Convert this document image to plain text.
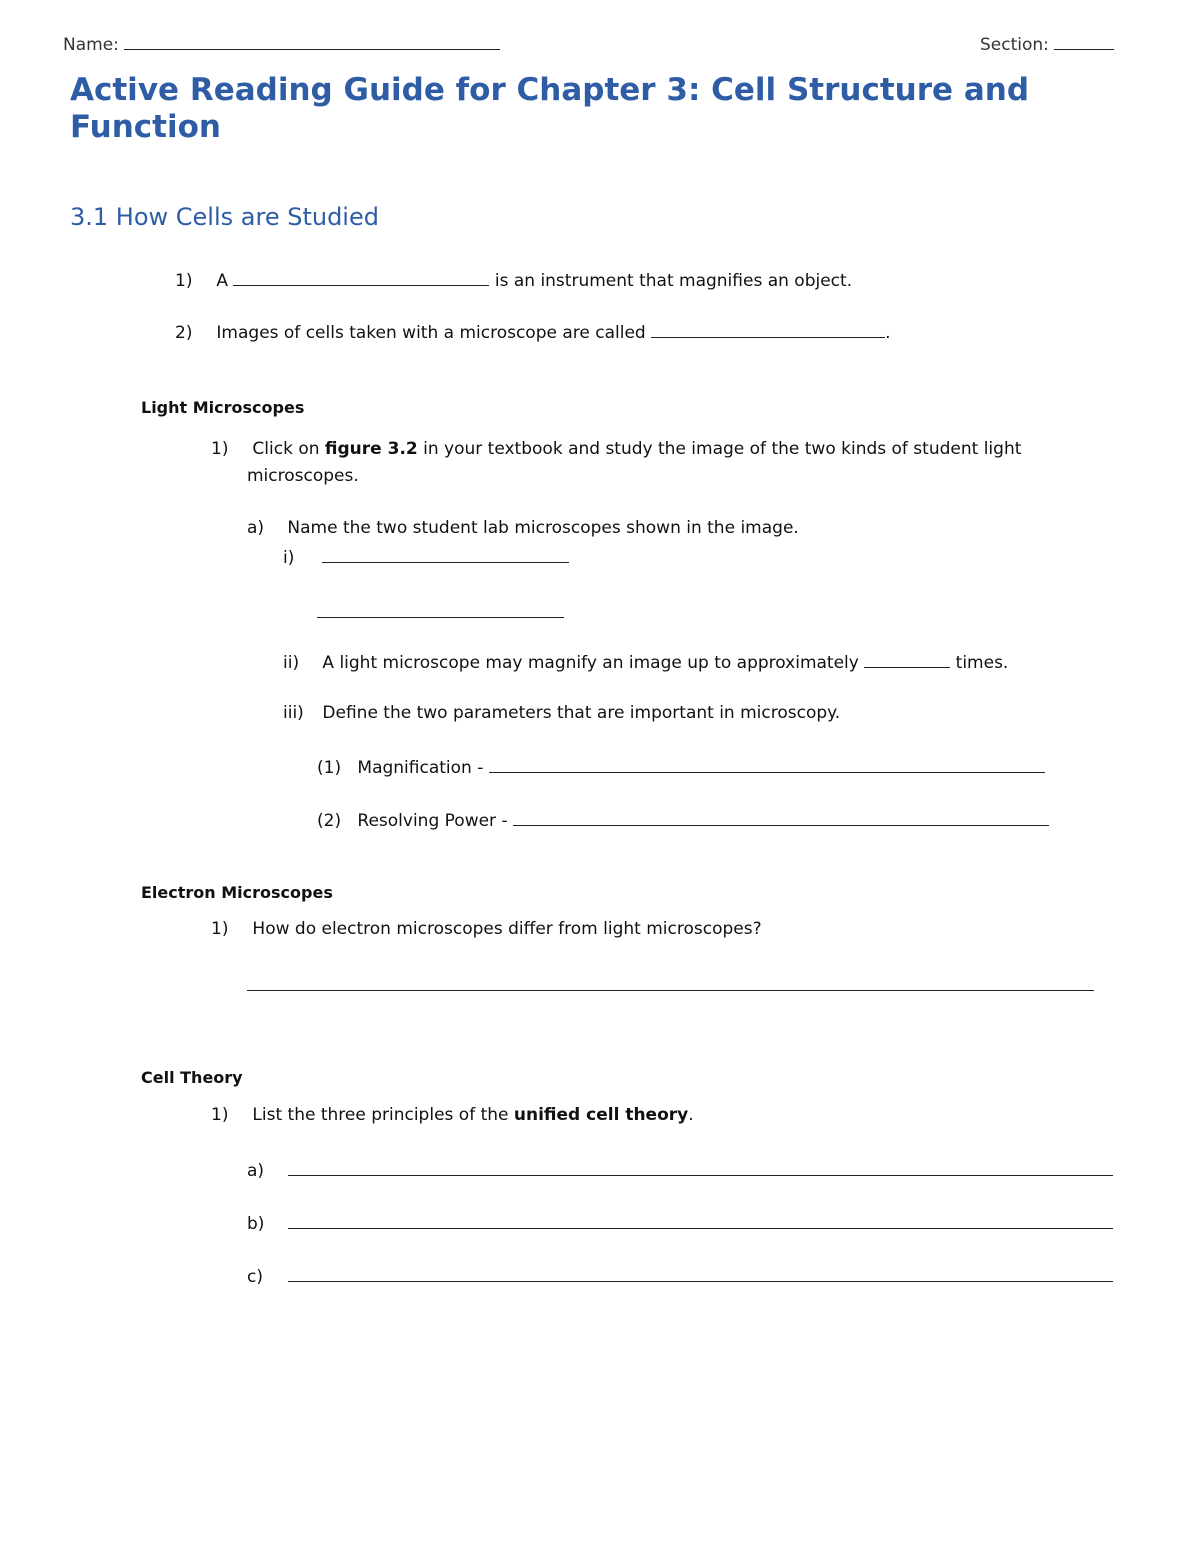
Name:	Section:
Active Reading Guide for Chapter 3: Cell Structure and Function
3.1 How Cells are Studied
1) A	is an instrument that magnifies an object.
2) Images of cells taken with a microscope are called	.
Light Microscopes
1) Click on figure 3.2 in your textbook and study the image of the two kinds of student light
microscopes.
a) Name the two student lab microscopes shown in the image.
i)
ii) A light microscope may magnify an image up to approximately	times.
iii) Define the two parameters that are important in microscopy.
(1) Magnification -
(2) Resolving Power -
Electron Microscopes
1) How do electron microscopes differ from light microscopes?
Cell Theory
1) List the three principles of the unified cell theory.
a)
b)
c)
